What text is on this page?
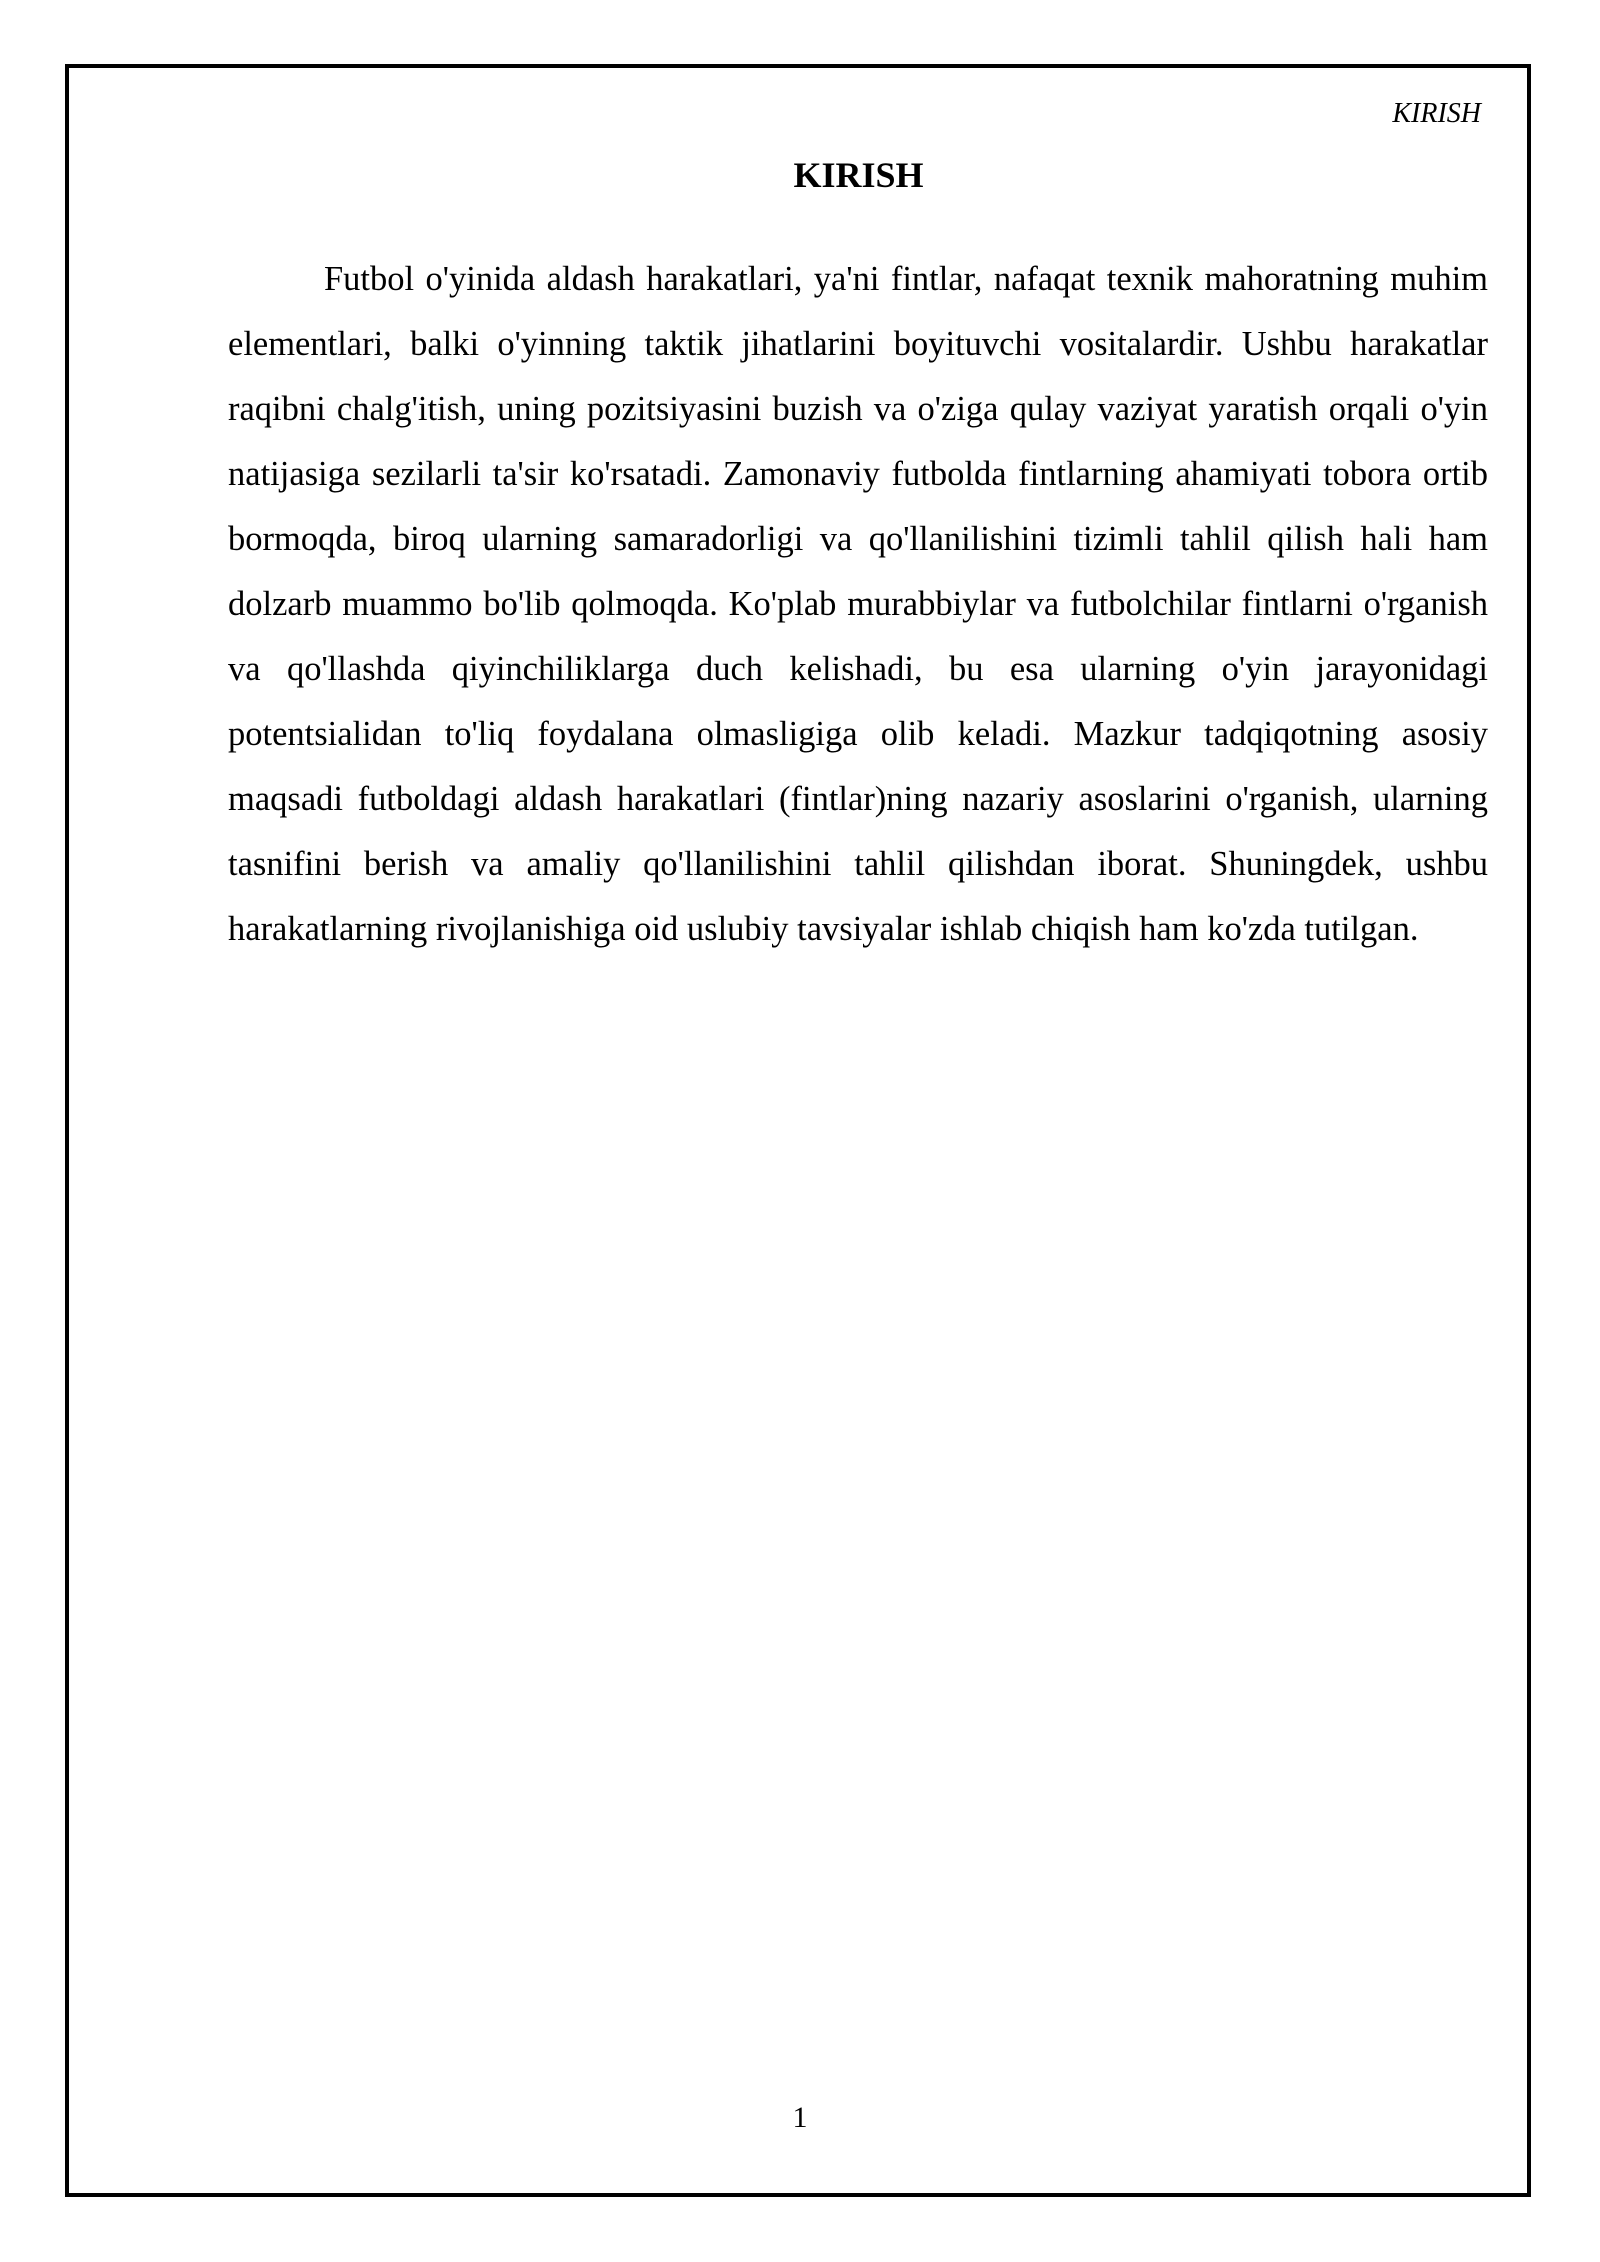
KIRISH
KIRISH

Futbol o'yinida aldash harakatlari, ya'ni fintlar, nafaqat texnik mahoratning muhim elementlari, balki o'yinning taktik jihatlarini boyituvchi vositalardir. Ushbu harakatlar raqibni chalg'itish, uning pozitsiyasini buzish va o'ziga qulay vaziyat yaratish orqali o'yin natijasiga sezilarli ta'sir ko'rsatadi. Zamonaviy futbolda fintlarning ahamiyati tobora ortib bormoqda, biroq ularning samaradorligi va qo'llanilishini tizimli tahlil qilish hali ham dolzarb muammo bo'lib qolmoqda. Ko'plab murabbiylar va futbolchilar fintlarni o'rganish va qo'llashda qiyinchiliklarga duch kelishadi, bu esa ularning o'yin jarayonidagi potentsialidan to'liq foydalana olmasligiga olib keladi. Mazkur tadqiqotning asosiy maqsadi futboldagi aldash harakatlari (fintlar)ning nazariy asoslarini o'rganish, ularning tasnifini berish va amaliy qo'llanilishini tahlil qilishdan iborat. Shuningdek, ushbu harakatlarning rivojlanishiga oid uslubiy tavsiyalar ishlab chiqish ham ko'zda tutilgan.

1
